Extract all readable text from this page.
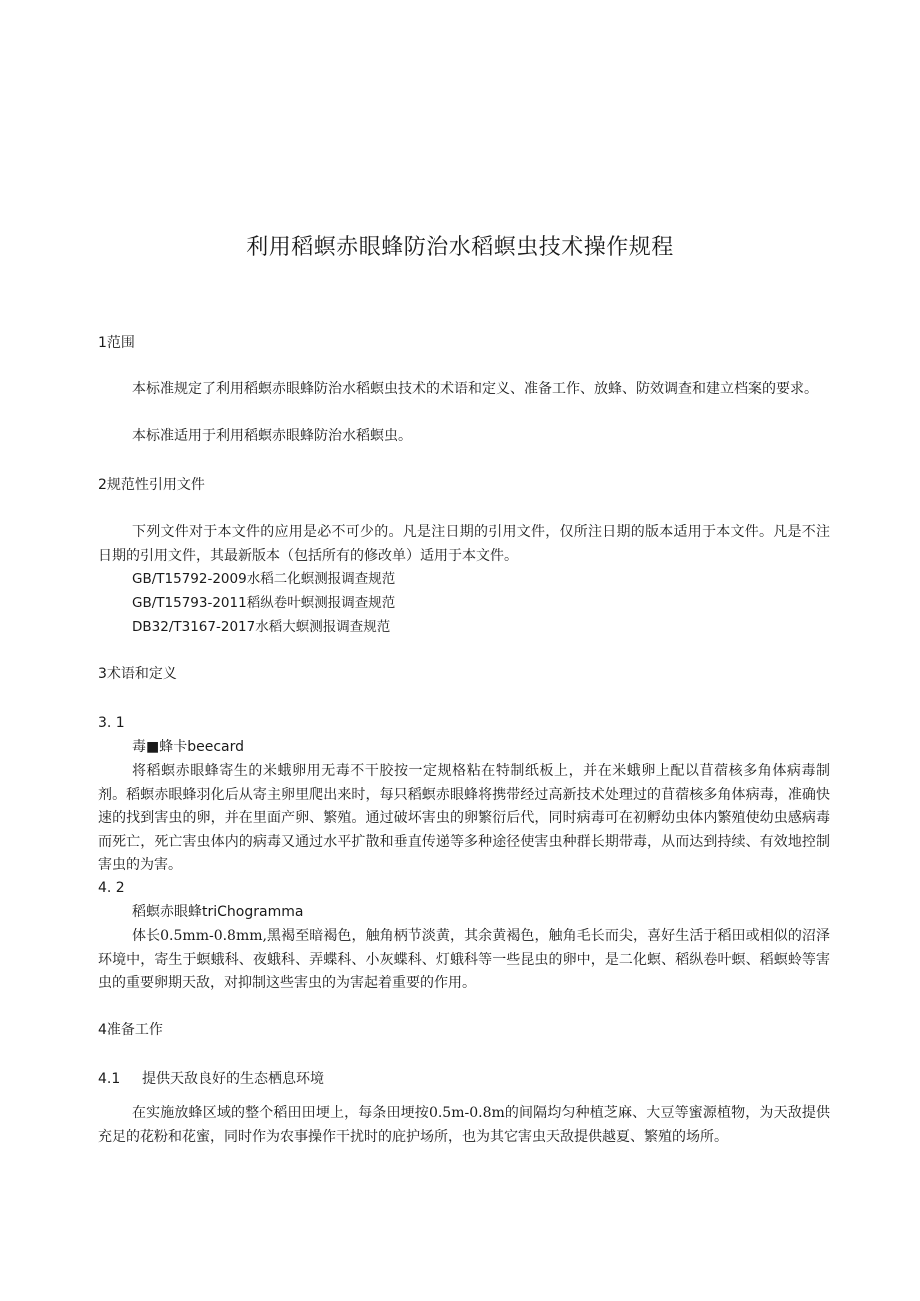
利用稻螟赤眼蜂防治水稻螟虫技术操作规程
1范围

本标准规定了利用稻螟赤眼蜂防治水稻螟虫技术的术语和定义、准备工作、放蜂、防效调查和建立档案的要求。

本标准适用于利用稻螟赤眼蜂防治水稻螟虫。

2规范性引用文件

下列文件对于本文件的应用是必不可少的。凡是注日期的引用文件，仅所注日期的版本适用于本文件。凡是不注日期的引用文件，其最新版本（包括所有的修改单）适用于本文件。

GB/T15792-2009水稻二化螟测报调查规范

GB/T15793-2011稻纵卷叶螟测报调查规范

DB32/T3167-2017水稻大螟测报调查规范

3术语和定义
3. 1
毒■蜂卡beecard

将稻螟赤眼蜂寄生的米蛾卵用无毒不干胶按一定规格粘在特制纸板上，并在米蛾卵上配以苜蓿核多角体病毒制剂。稻螟赤眼蜂羽化后从寄主卵里爬出来时，每只稻螟赤眼蜂将携带经过高新技术处理过的苜蓿核多角体病毒，准确快速的找到害虫的卵，并在里面产卵、繁殖。通过破坏害虫的卵繁衍后代，同时病毒可在初孵幼虫体内繁殖使幼虫感病毒而死亡，死亡害虫体内的病毒又通过水平扩散和垂直传递等多种途径使害虫种群长期带毒，从而达到持续、有效地控制害虫的为害。

4. 2
稻螟赤眼蜂triChogramma

体长0.5mm-0.8mm,黑褐至暗褐色，触角柄节淡黄，其余黄褐色，触角毛长而尖，喜好生活于稻田或相似的沼泽环境中，寄生于螟蛾科、夜蛾科、弄蝶科、小灰蝶科、灯蛾科等一些昆虫的卵中，是二化螟、稻纵卷叶螟、稻螟蛉等害虫的重要卵期天敌，对抑制这些害虫的为害起着重要的作用。

4准备工作
4.1 提供天敌良好的生态栖息环境

在实施放蜂区域的整个稻田田埂上，每条田埂按0.5m-0.8m的间隔均匀种植芝麻、大豆等蜜源植物，为天敌提供充足的花粉和花蜜，同时作为农事操作干扰时的庇护场所，也为其它害虫天敌提供越夏、繁殖的场所。
